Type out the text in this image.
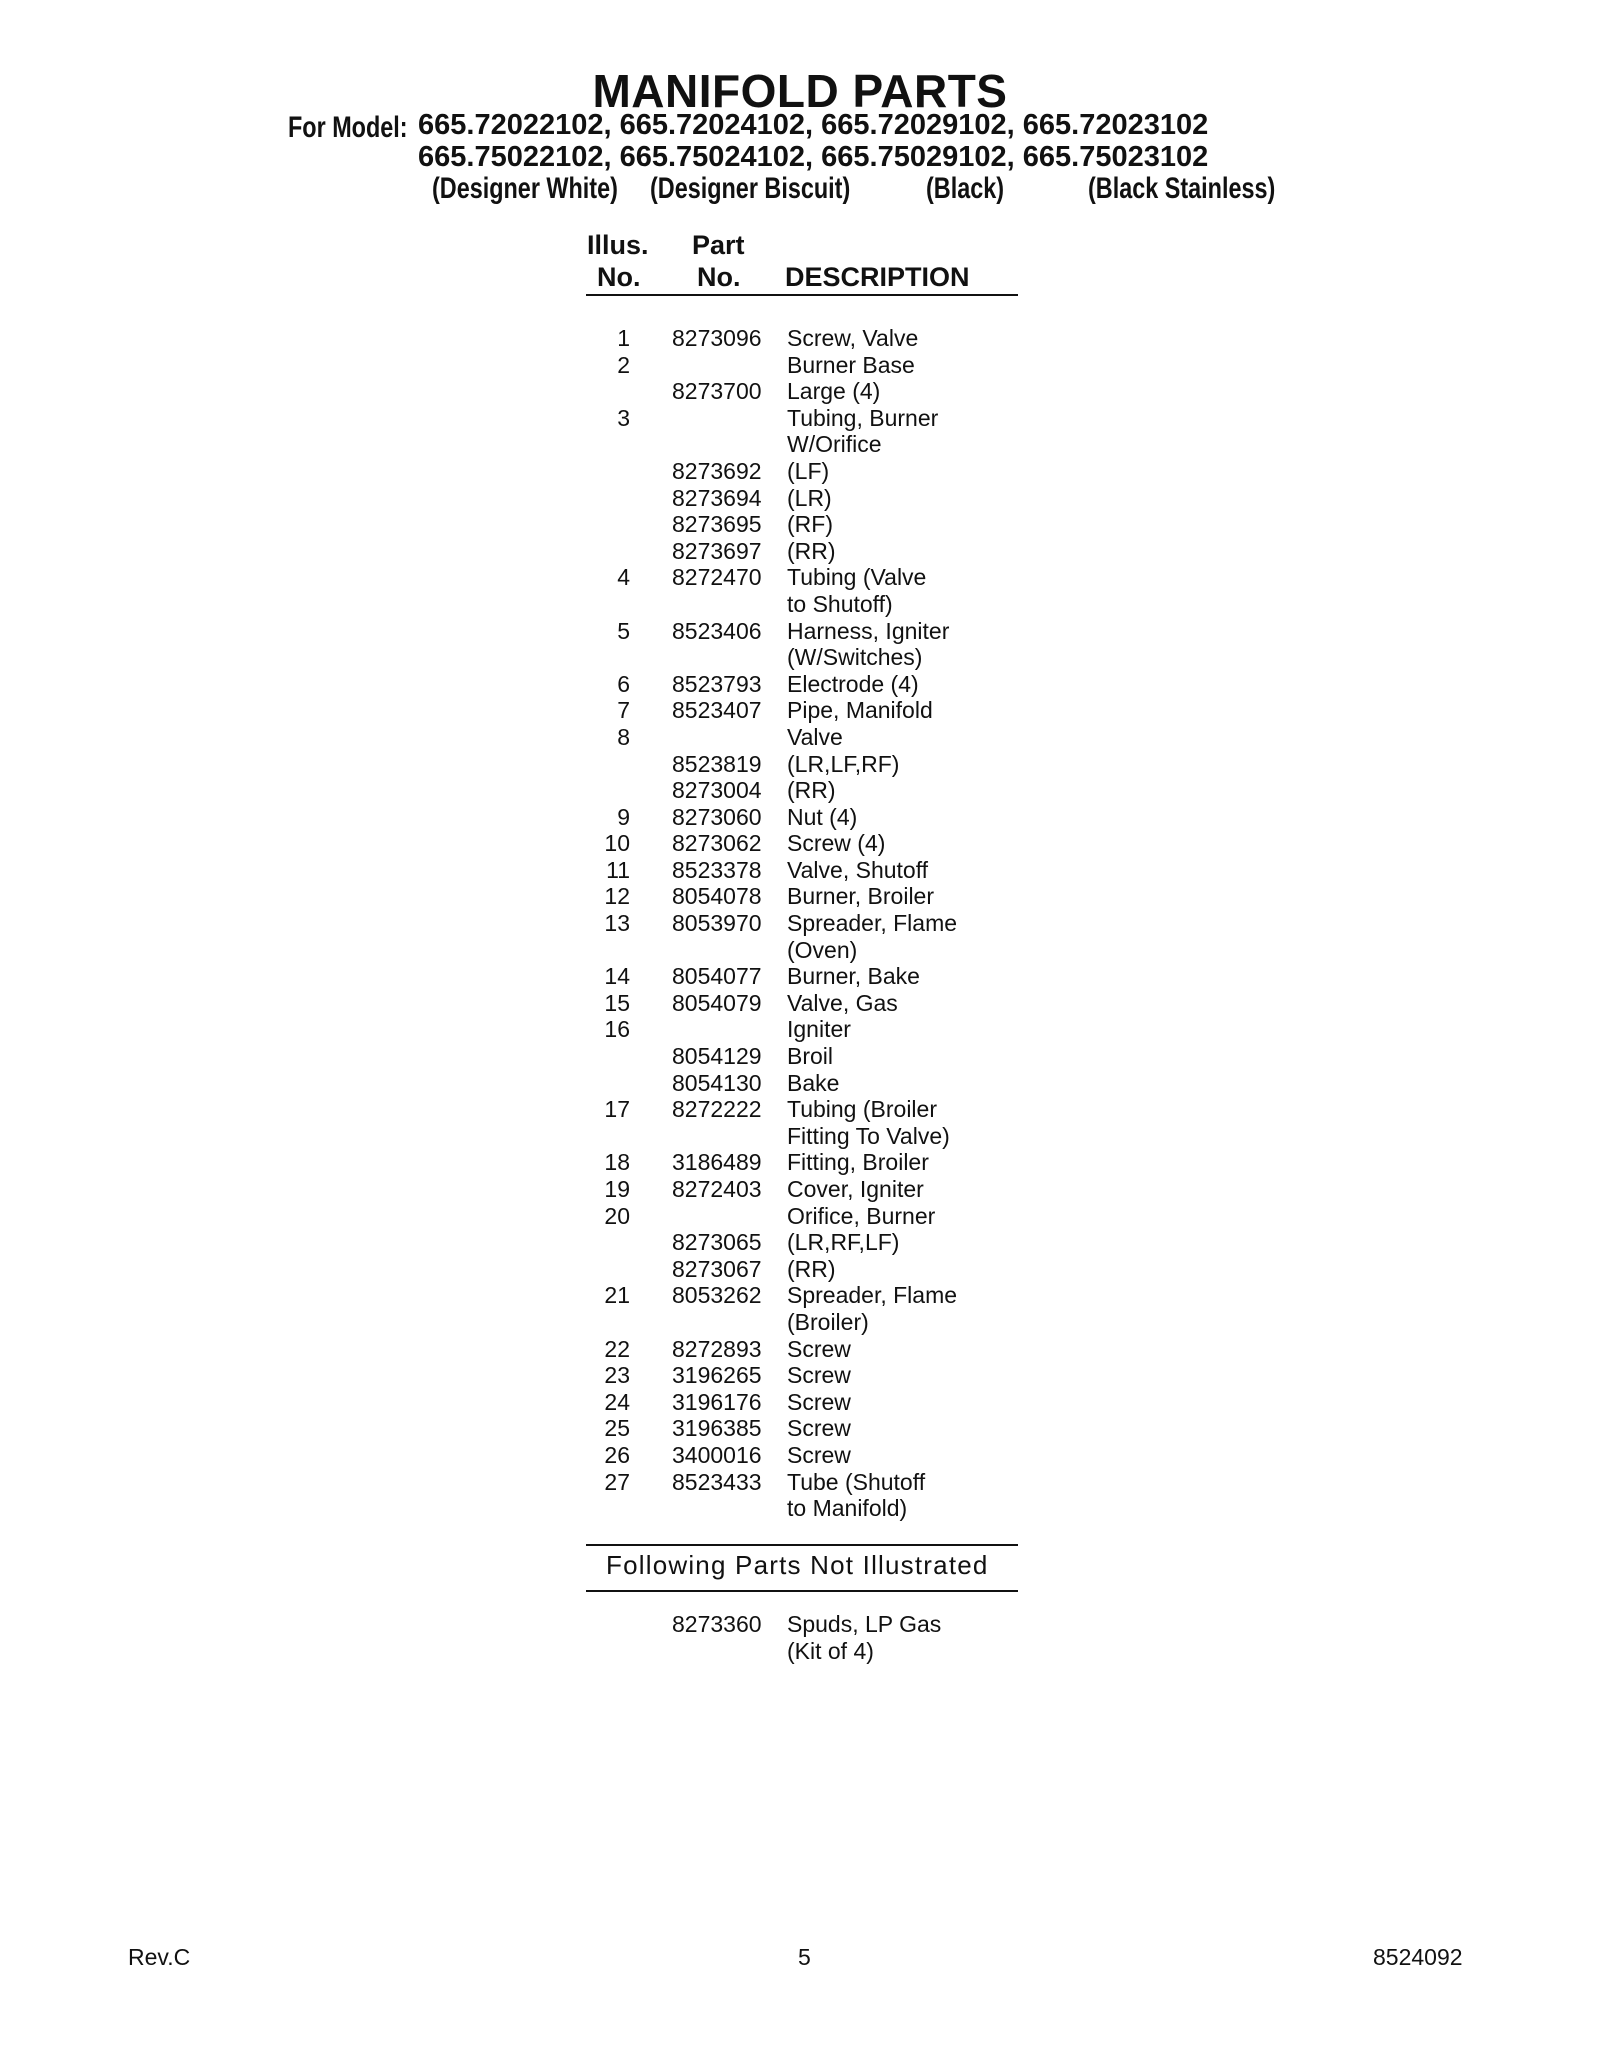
MANIFOLD PARTS
For Model: 665.72022102, 665.72024102, 665.72029102, 665.72023102
665.75022102, 665.75024102, 665.75029102, 665.75023102
(Designer White) (Designer Biscuit)	(Black)	(Black Stainless)
Illus.
No.
Part
No. DESCRIPTION
1 8273096 Screw, Valve
2	Burner Base
8273700 Large (4)
3	Tubing, Burner
W/Orifice
8273692 (LF)
8273694 (LR)
8273695 (RF)
8273697 (RR)
4 8272470 Tubing (Valve
to Shutoff)
5 8523406 Harness, Igniter
(W/Switches)
6 8523793 Electrode (4)
7 8523407 Pipe, Manifold
8	Valve
8523819 (LR,LF,RF)
8273004 (RR)
9 8273060 Nut (4)
10 8273062 Screw (4)
11 8523378 Valve, Shutoff
12 8054078 Burner, Broiler
13 8053970 Spreader, Flame
(Oven)
14 8054077 Burner, Bake
15 8054079 Valve, Gas
16	Igniter
8054129 Broil
8054130 Bake
17 8272222 Tubing (Broiler
Fitting To Valve)
18 3186489 Fitting, Broiler
19 8272403 Cover, Igniter
20	Orifice, Burner
8273065 (LR,RF,LF)
8273067 (RR)
21 8053262 Spreader, Flame
(Broiler)
22 8272893 Screw
23 3196265 Screw
24 3196176 Screw
25 3196385 Screw
26 3400016 Screw
27 8523433 Tube (Shutoff
to Manifold)
Following Parts Not Illustrated
8273360 Spuds, LP Gas
(Kit of 4)
Rev.C	5	8524092
